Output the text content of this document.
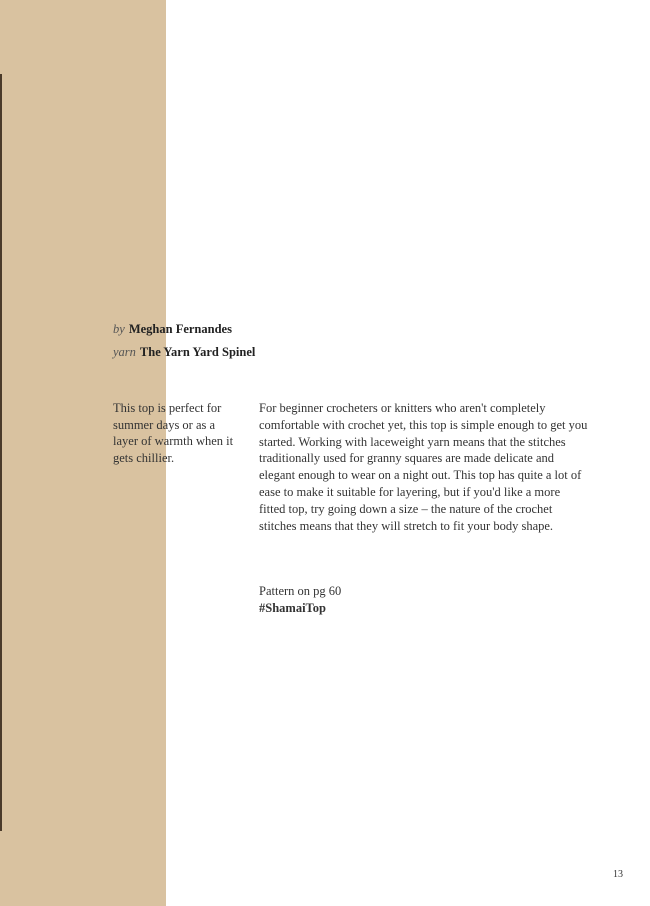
by Meghan Fernandes
yarn The Yarn Yard Spinel
This top is perfect for summer days or as a layer of warmth when it gets chillier.
For beginner crocheters or knitters who aren't completely comfortable with crochet yet, this top is simple enough to get you started. Working with laceweight yarn means that the stitches traditionally used for granny squares are made delicate and elegant enough to wear on a night out. This top has quite a lot of ease to make it suitable for layering, but if you'd like a more fitted top, try going down a size – the nature of the crochet stitches means that they will stretch to fit your body shape.
Pattern on pg 60
#ShamaiTop
13
